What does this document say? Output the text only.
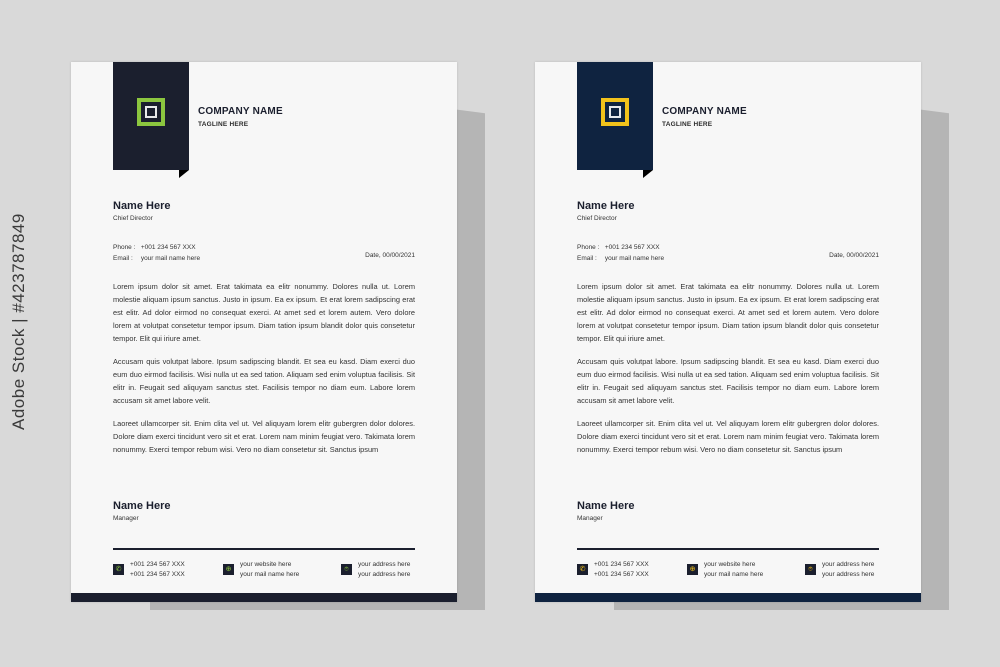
Adobe Stock | #423787849
COMPANY NAME
TAGLINE HERE
Name Here
Chief Director
Phone : +001 234 567 XXX
Email : your mail name here	Date, 00/00/2021

Lorem ipsum dolor sit amet. Erat takimata ea elitr nonummy. Dolores nulla ut. Lorem molestie aliquam ipsum sanctus. Justo in ipsum. Ea ex ipsum. Et erat lorem sadipscing erat est elitr. Ad dolor eirmod no consequat exerci. At amet sed et lorem autem. Vero dolore lorem at volutpat consetetur tempor ipsum. Diam tation ipsum blandit dolor quis consetetur tempor. Elit qui iriure amet.

Accusam quis volutpat labore. Ipsum sadipscing blandit. Et sea eu kasd. Diam exerci duo eum duo eirmod facilisis. Wisi nulla ut ea sed tation. Aliquam sed enim voluptua facilisis. Sit elitr in. Feugait sed aliquyam sanctus stet. Facilisis tempor no diam eum. Labore lorem accusam sit amet labore velit.

Laoreet ullamcorper sit. Enim clita vel ut. Vel aliquyam lorem elitr gubergren dolor dolores. Dolore diam exerci tincidunt vero sit et erat. Lorem nam minim feugiat vero. Takimata lorem nonummy. Exerci tempor rebum wisi. Vero no diam consetetur sit. Sanctus ipsum

Name Here
Manager
✆
+001 234 567 XXX
+001 234 567 XXX
⊕
your website here
your mail name here
⌾
your address here
your address here
COMPANY NAME
TAGLINE HERE
Name Here
Chief Director
Phone : +001 234 567 XXX
Email : your mail name here	Date, 00/00/2021

Lorem ipsum dolor sit amet. Erat takimata ea elitr nonummy. Dolores nulla ut. Lorem molestie aliquam ipsum sanctus. Justo in ipsum. Ea ex ipsum. Et erat lorem sadipscing erat est elitr. Ad dolor eirmod no consequat exerci. At amet sed et lorem autem. Vero dolore lorem at volutpat consetetur tempor ipsum. Diam tation ipsum blandit dolor quis consetetur tempor. Elit qui iriure amet.

Accusam quis volutpat labore. Ipsum sadipscing blandit. Et sea eu kasd. Diam exerci duo eum duo eirmod facilisis. Wisi nulla ut ea sed tation. Aliquam sed enim voluptua facilisis. Sit elitr in. Feugait sed aliquyam sanctus stet. Facilisis tempor no diam eum. Labore lorem accusam sit amet labore velit.

Laoreet ullamcorper sit. Enim clita vel ut. Vel aliquyam lorem elitr gubergren dolor dolores. Dolore diam exerci tincidunt vero sit et erat. Lorem nam minim feugiat vero. Takimata lorem nonummy. Exerci tempor rebum wisi. Vero no diam consetetur sit. Sanctus ipsum

Name Here
Manager
✆
+001 234 567 XXX
+001 234 567 XXX
⊕
your website here
your mail name here
⌾
your address here
your address here
